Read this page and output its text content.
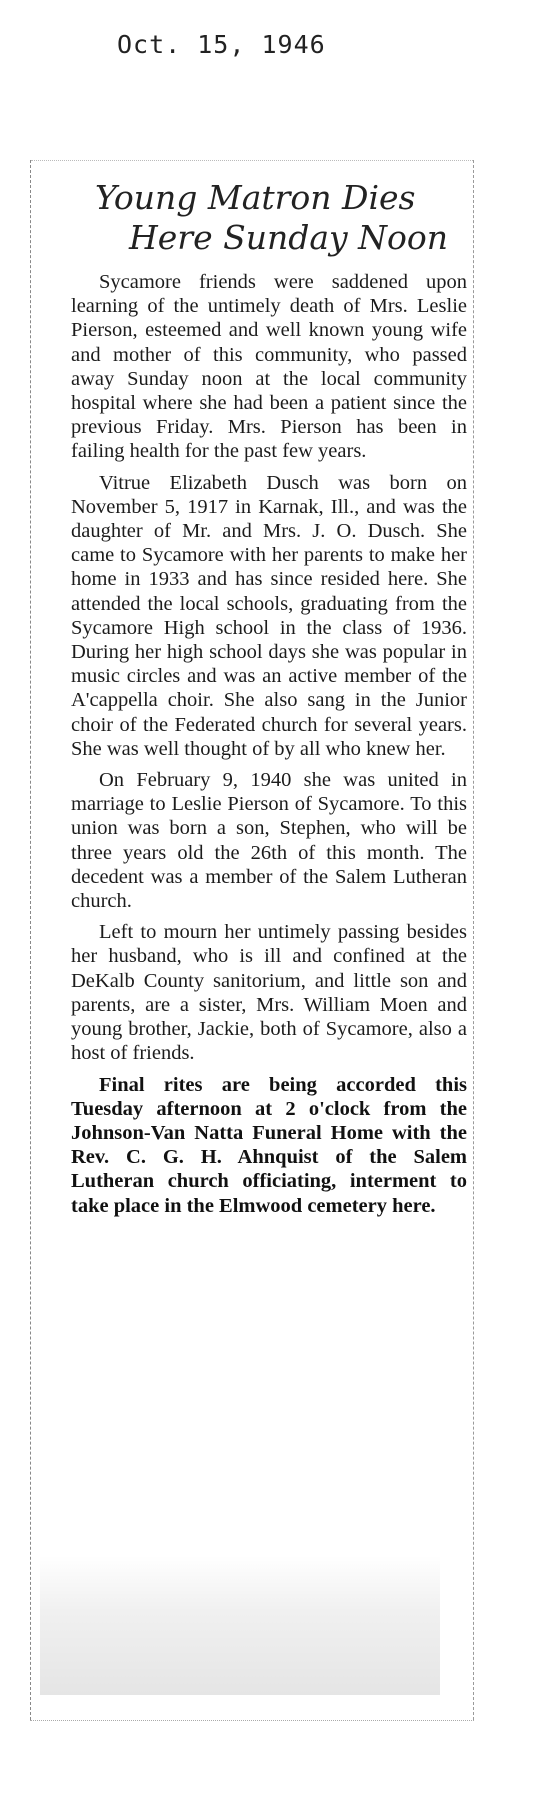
Oct. 15, 1946
Young Matron Dies
Here Sunday Noon

Sycamore friends were saddened upon learning of the untimely death of Mrs. Leslie Pierson, esteemed and well known young wife and mother of this community, who passed away Sunday noon at the local community hospital where she had been a patient since the previous Friday. Mrs. Pierson has been in failing health for the past few years.

Vitrue Elizabeth Dusch was born on November 5, 1917 in Karnak, Ill., and was the daughter of Mr. and Mrs. J. O. Dusch. She came to Sycamore with her parents to make her home in 1933 and has since resided here. She attended the local schools, graduating from the Sycamore High school in the class of 1936. During her high school days she was popular in music circles and was an active member of the A'cappella choir. She also sang in the Junior choir of the Federated church for several years. She was well thought of by all who knew her.

On February 9, 1940 she was united in marriage to Leslie Pierson of Sycamore. To this union was born a son, Stephen, who will be three years old the 26th of this month. The decedent was a member of the Salem Lutheran church.

Left to mourn her untimely passing besides her husband, who is ill and confined at the DeKalb County sanitorium, and little son and parents, are a sister, Mrs. William Moen and young brother, Jackie, both of Sycamore, also a host of friends.

Final rites are being accorded this Tuesday afternoon at 2 o'clock from the Johnson-Van Natta Funeral Home with the Rev. C. G. H. Ahnquist of the Salem Lutheran church officiating, interment to take place in the Elmwood cemetery here.
